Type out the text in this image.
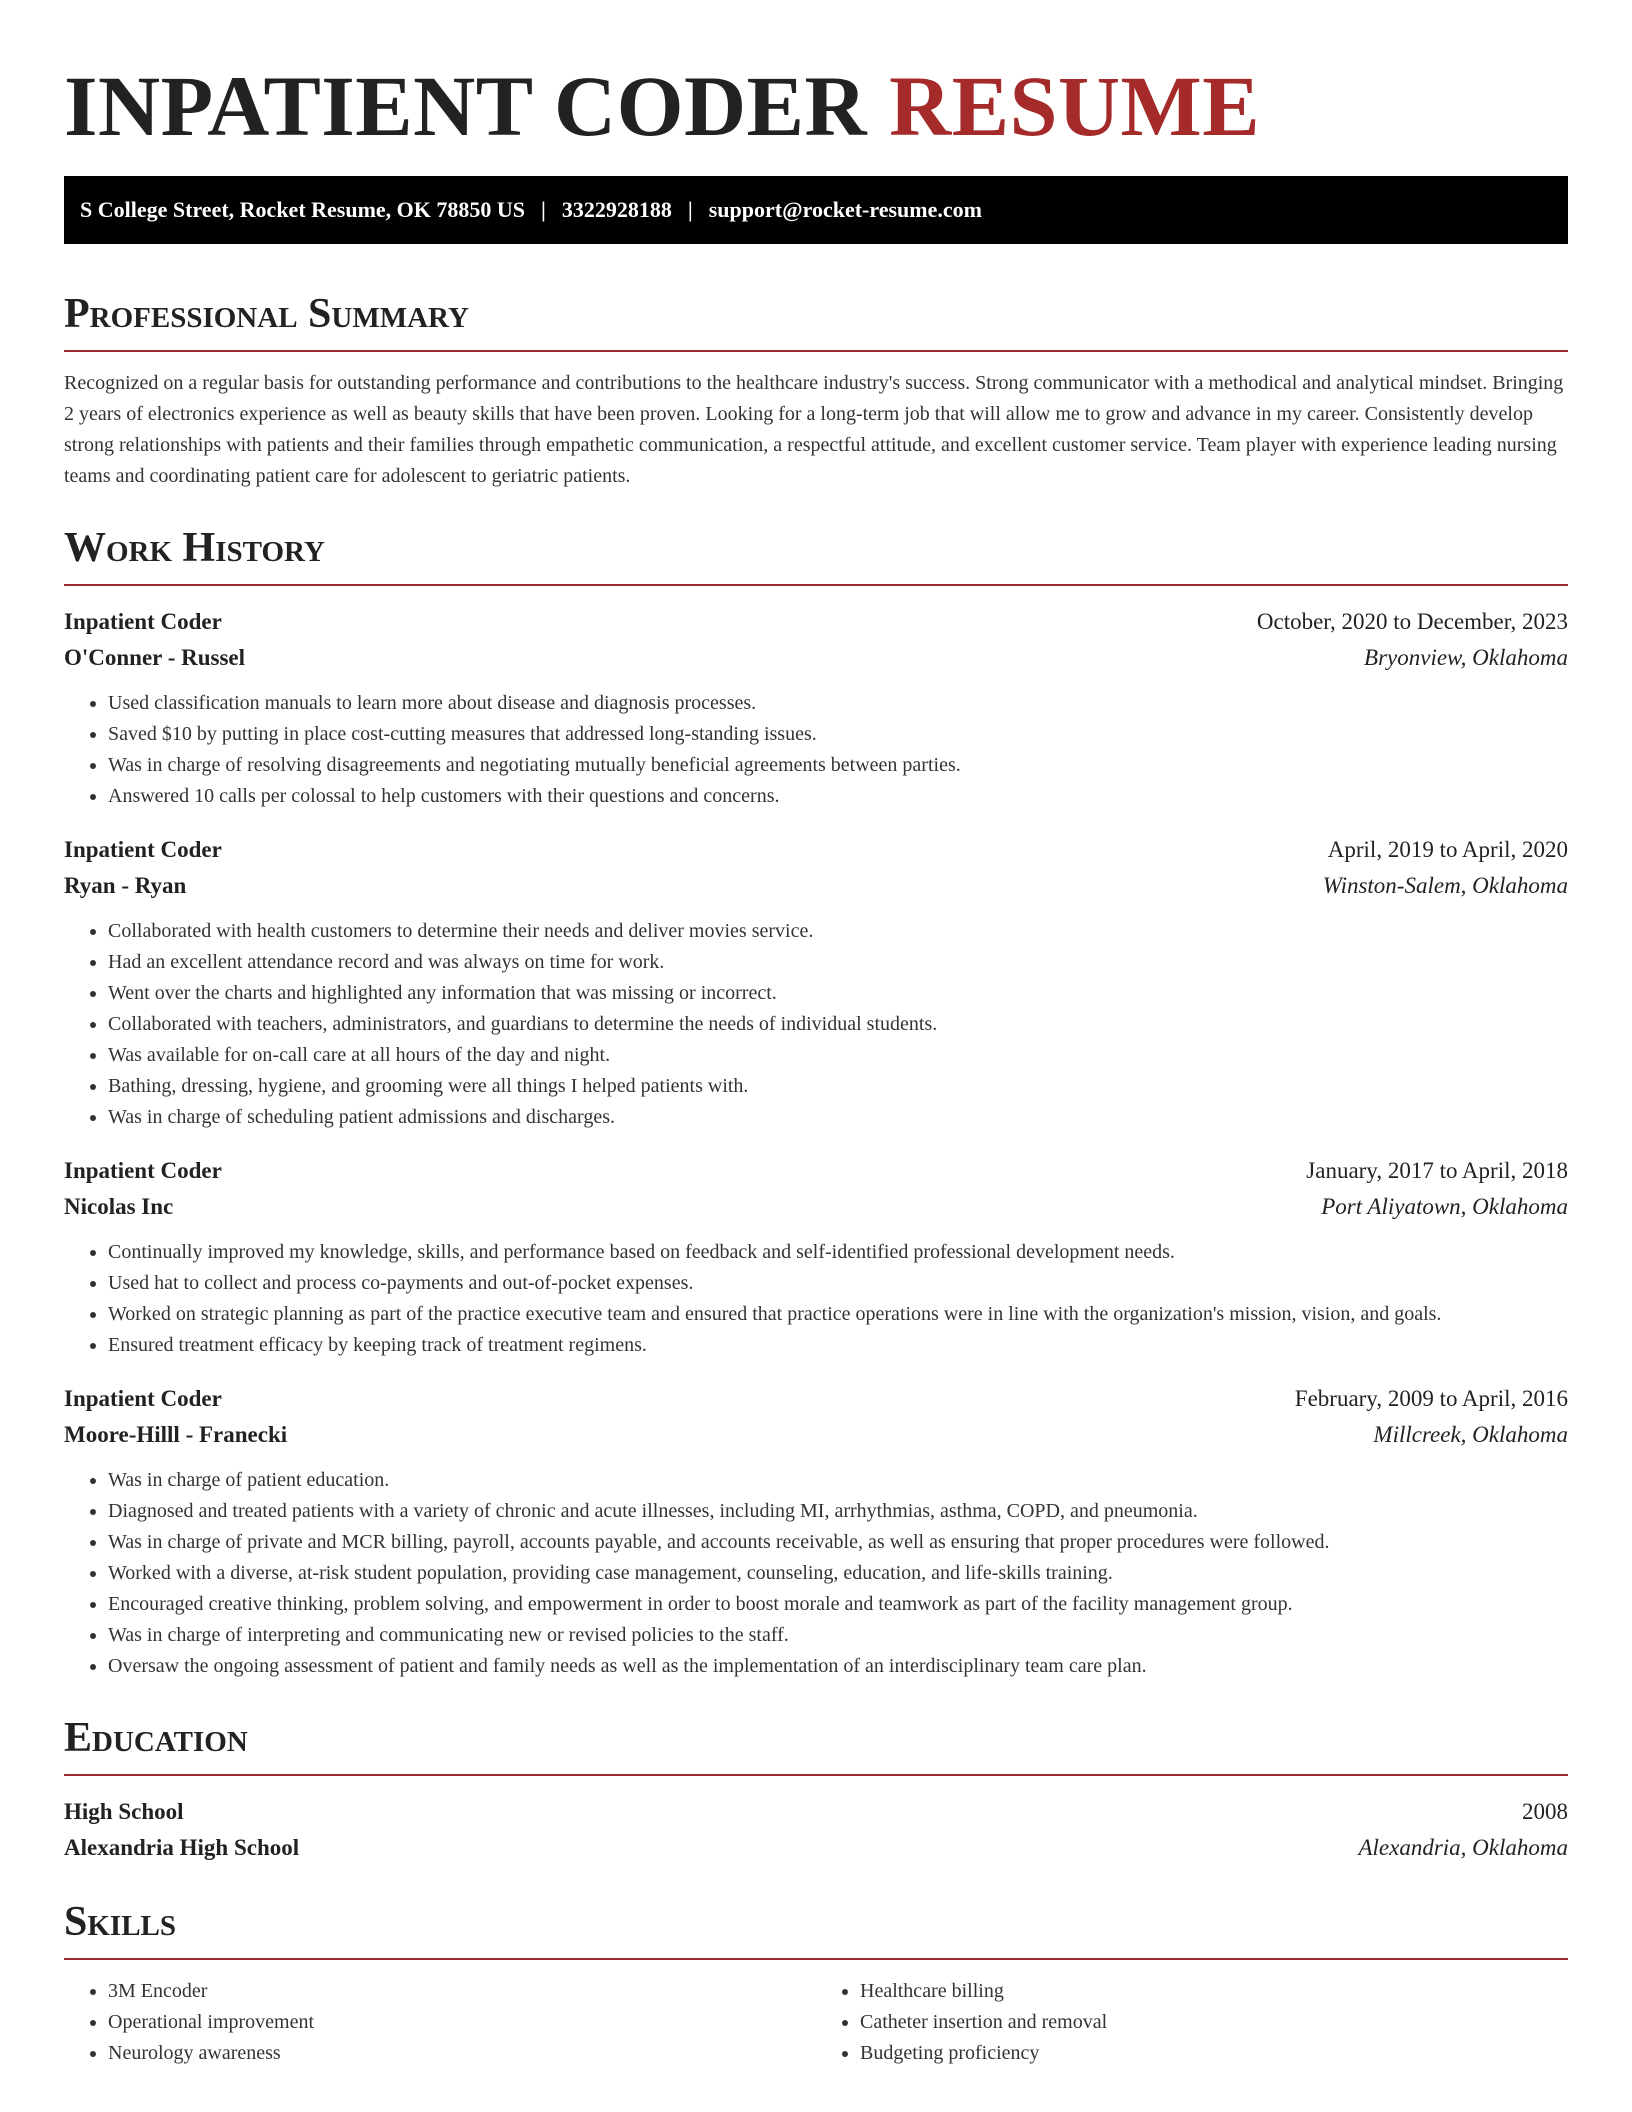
INPATIENT CODER RESUME
S College Street, Rocket Resume, OK 78850 US | 3322928188 | support@rocket-resume.com
Professional Summary

Recognized on a regular basis for outstanding performance and contributions to the healthcare industry's success. Strong communicator with a methodical and analytical mindset. Bringing 2 years of electronics experience as well as beauty skills that have been proven. Looking for a long-term job that will allow me to grow and advance in my career. Consistently develop strong relationships with patients and their families through empathetic communication, a respectful attitude, and excellent customer service. Team player with experience leading nursing teams and coordinating patient care for adolescent to geriatric patients.

Work History
Inpatient Coder	October, 2020 to December, 2023
O'Conner - Russel	Bryonview, Oklahoma
• Used classification manuals to learn more about disease and diagnosis processes.
• Saved $10 by putting in place cost-cutting measures that addressed long-standing issues.
• Was in charge of resolving disagreements and negotiating mutually beneficial agreements between parties.
• Answered 10 calls per colossal to help customers with their questions and concerns.
Inpatient Coder	April, 2019 to April, 2020
Ryan - Ryan	Winston-Salem, Oklahoma
• Collaborated with health customers to determine their needs and deliver movies service.
• Had an excellent attendance record and was always on time for work.
• Went over the charts and highlighted any information that was missing or incorrect.
• Collaborated with teachers, administrators, and guardians to determine the needs of individual students.
• Was available for on-call care at all hours of the day and night.
• Bathing, dressing, hygiene, and grooming were all things I helped patients with.
• Was in charge of scheduling patient admissions and discharges.
Inpatient Coder	January, 2017 to April, 2018
Nicolas Inc	Port Aliyatown, Oklahoma
• Continually improved my knowledge, skills, and performance based on feedback and self-identified professional development needs.
• Used hat to collect and process co-payments and out-of-pocket expenses.
• Worked on strategic planning as part of the practice executive team and ensured that practice operations were in line with the organization's mission, vision, and goals.
• Ensured treatment efficacy by keeping track of treatment regimens.
Inpatient Coder	February, 2009 to April, 2016
Moore-Hilll - Franecki	Millcreek, Oklahoma
• Was in charge of patient education.
• Diagnosed and treated patients with a variety of chronic and acute illnesses, including MI, arrhythmias, asthma, COPD, and pneumonia.
• Was in charge of private and MCR billing, payroll, accounts payable, and accounts receivable, as well as ensuring that proper procedures were followed.
• Worked with a diverse, at-risk student population, providing case management, counseling, education, and life-skills training.
• Encouraged creative thinking, problem solving, and empowerment in order to boost morale and teamwork as part of the facility management group.
• Was in charge of interpreting and communicating new or revised policies to the staff.
• Oversaw the ongoing assessment of patient and family needs as well as the implementation of an interdisciplinary team care plan.
Education
High School	2008
Alexandria High School	Alexandria, Oklahoma
Skills
• 3M Encoder
• Operational improvement
• Neurology awareness
• Healthcare billing
• Catheter insertion and removal
• Budgeting proficiency
